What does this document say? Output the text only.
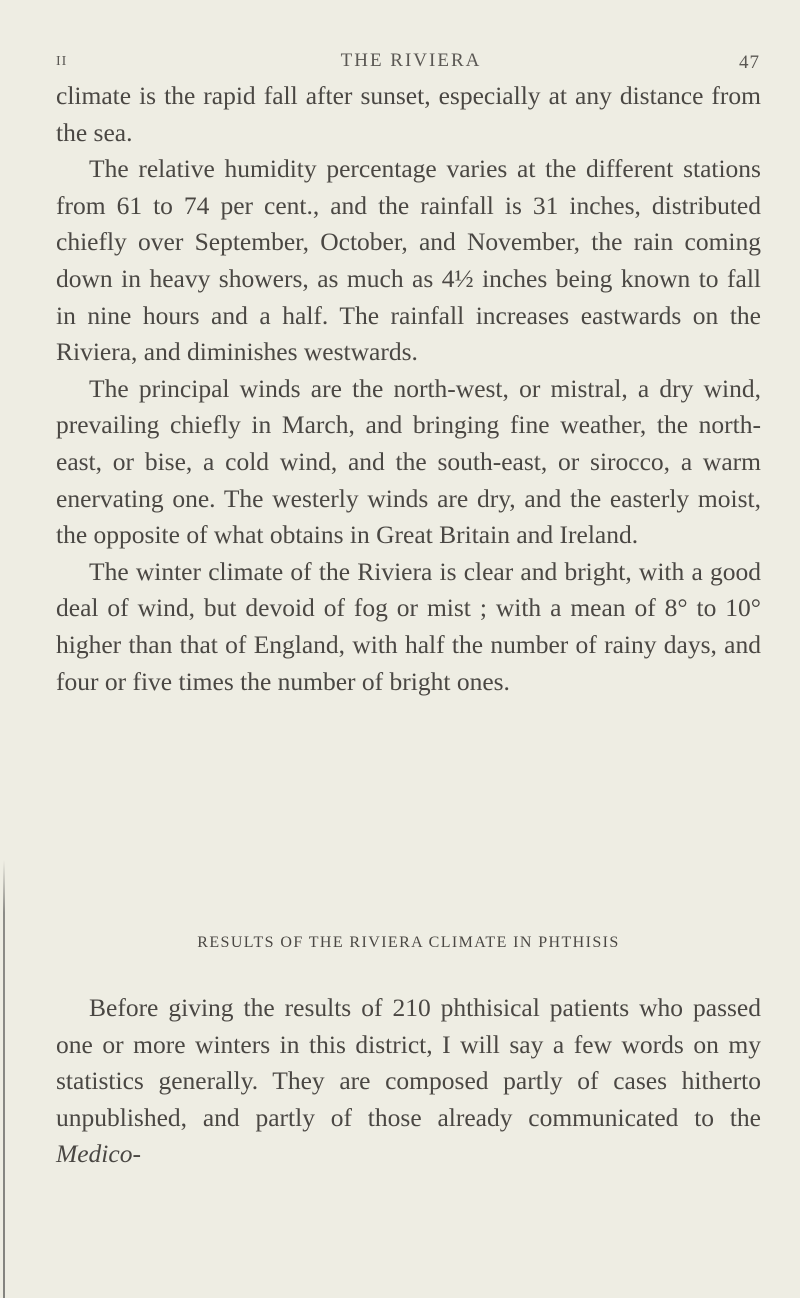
II	THE RIVIERA	47

climate is the rapid fall after sunset, especially at any distance from the sea.

The relative humidity percentage varies at the different stations from 61 to 74 per cent., and the rainfall is 31 inches, distributed chiefly over September, October, and November, the rain coming down in heavy showers, as much as 4½ inches being known to fall in nine hours and a half. The rainfall increases eastwards on the Riviera, and diminishes westwards.

The principal winds are the north-west, or mistral, a dry wind, prevailing chiefly in March, and bringing fine weather, the north-east, or bise, a cold wind, and the south-east, or sirocco, a warm enervating one. The westerly winds are dry, and the easterly moist, the opposite of what obtains in Great Britain and Ireland.

The winter climate of the Riviera is clear and bright, with a good deal of wind, but devoid of fog or mist ; with a mean of 8° to 10° higher than that of England, with half the number of rainy days, and four or five times the number of bright ones.

RESULTS OF THE RIVIERA CLIMATE IN PHTHISIS

Before giving the results of 210 phthisical patients who passed one or more winters in this district, I will say a few words on my statistics generally. They are composed partly of cases hitherto unpublished, and partly of those already communicated to the Medico-
